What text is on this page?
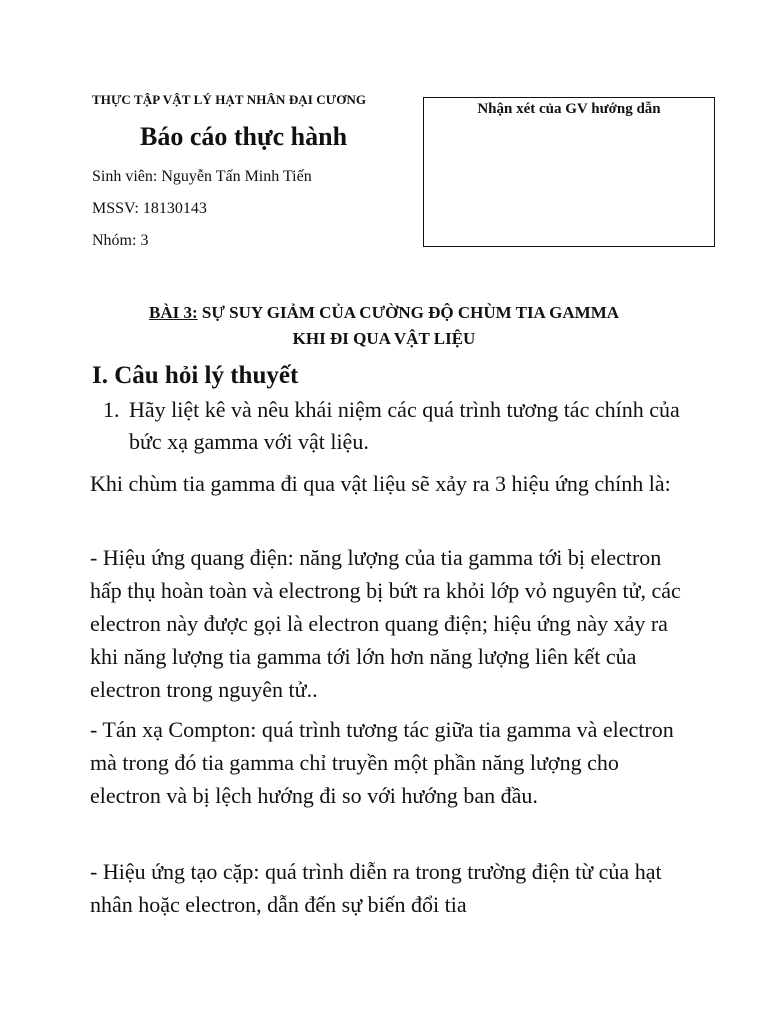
THỰC TẬP VẬT LÝ HẠT NHÂN ĐẠI CƯƠNG
Báo cáo thực hành
Sinh viên: Nguyễn Tấn Minh Tiến
MSSV: 18130143
Nhóm: 3
Nhận xét của GV hướng dẫn
BÀI 3: SỰ SUY GIẢM CỦA CƯỜNG ĐỘ CHÙM TIA GAMMA
KHI ĐI QUA VẬT LIỆU
I. Câu hỏi lý thuyết
1. Hãy liệt kê và nêu khái niệm các quá trình tương tác chính của bức xạ gamma với vật liệu.
Khi chùm tia gamma đi qua vật liệu sẽ xảy ra 3 hiệu ứng chính là:
- Hiệu ứng quang điện: năng lượng của tia gamma tới bị electron hấp thụ hoàn toàn và electrong bị bứt ra khỏi lớp vỏ nguyên tử, các electron này được gọi là electron quang điện; hiệu ứng này xảy ra khi năng lượng tia gamma tới lớn hơn năng lượng liên kết của electron trong nguyên tử..
- Tán xạ Compton: quá trình tương tác giữa tia gamma và electron mà trong đó tia gamma chỉ truyền một phần năng lượng cho electron và bị lệch hướng đi so với hướng ban đầu.
- Hiệu ứng tạo cặp: quá trình diễn ra trong trường điện từ của hạt nhân hoặc electron, dẫn đến sự biến đổi tia
